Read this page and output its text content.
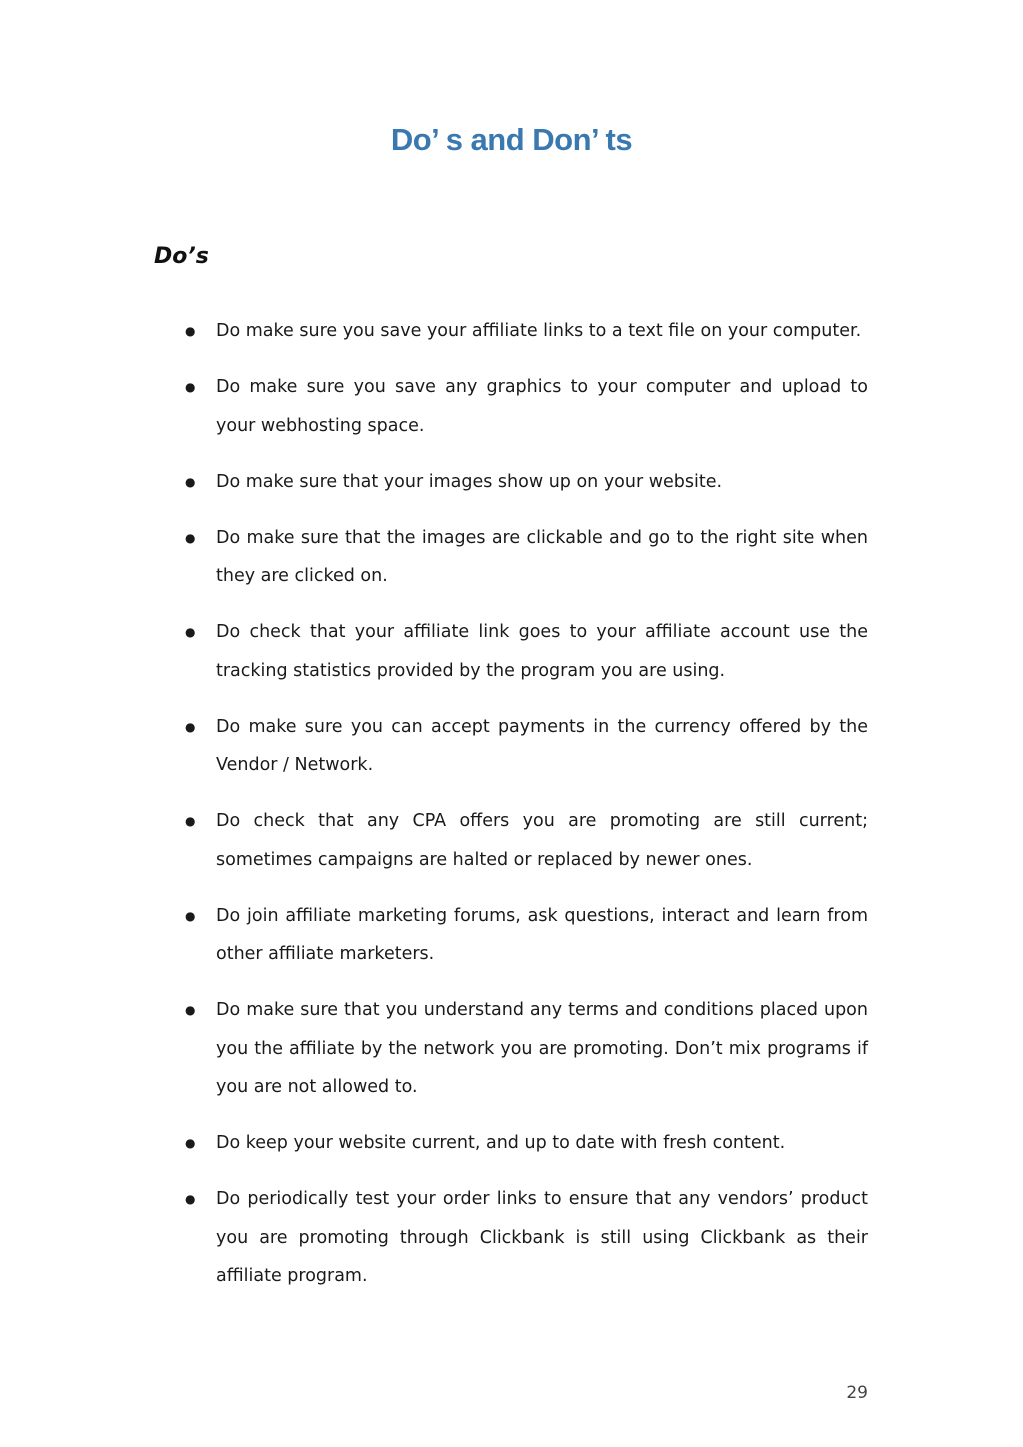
Do’ s and Don’ ts
Do’s
● Do make sure you save your affiliate links to a text file on your computer.
● Do make sure you save any graphics to your computer and upload to your webhosting space.
● Do make sure that your images show up on your website.
● Do make sure that the images are clickable and go to the right site when they are clicked on.
● Do check that your affiliate link goes to your affiliate account use the tracking statistics provided by the program you are using.
● Do make sure you can accept payments in the currency offered by the Vendor / Network.
● Do check that any CPA offers you are promoting are still current; sometimes campaigns are halted or replaced by newer ones.
● Do join affiliate marketing forums, ask questions, interact and learn from other affiliate marketers.
● Do make sure that you understand any terms and conditions placed upon you the affiliate by the network you are promoting. Don’t mix programs if you are not allowed to.
● Do keep your website current, and up to date with fresh content.
● Do periodically test your order links to ensure that any vendors’ product you are promoting through Clickbank is still using Clickbank as their affiliate program.
29
